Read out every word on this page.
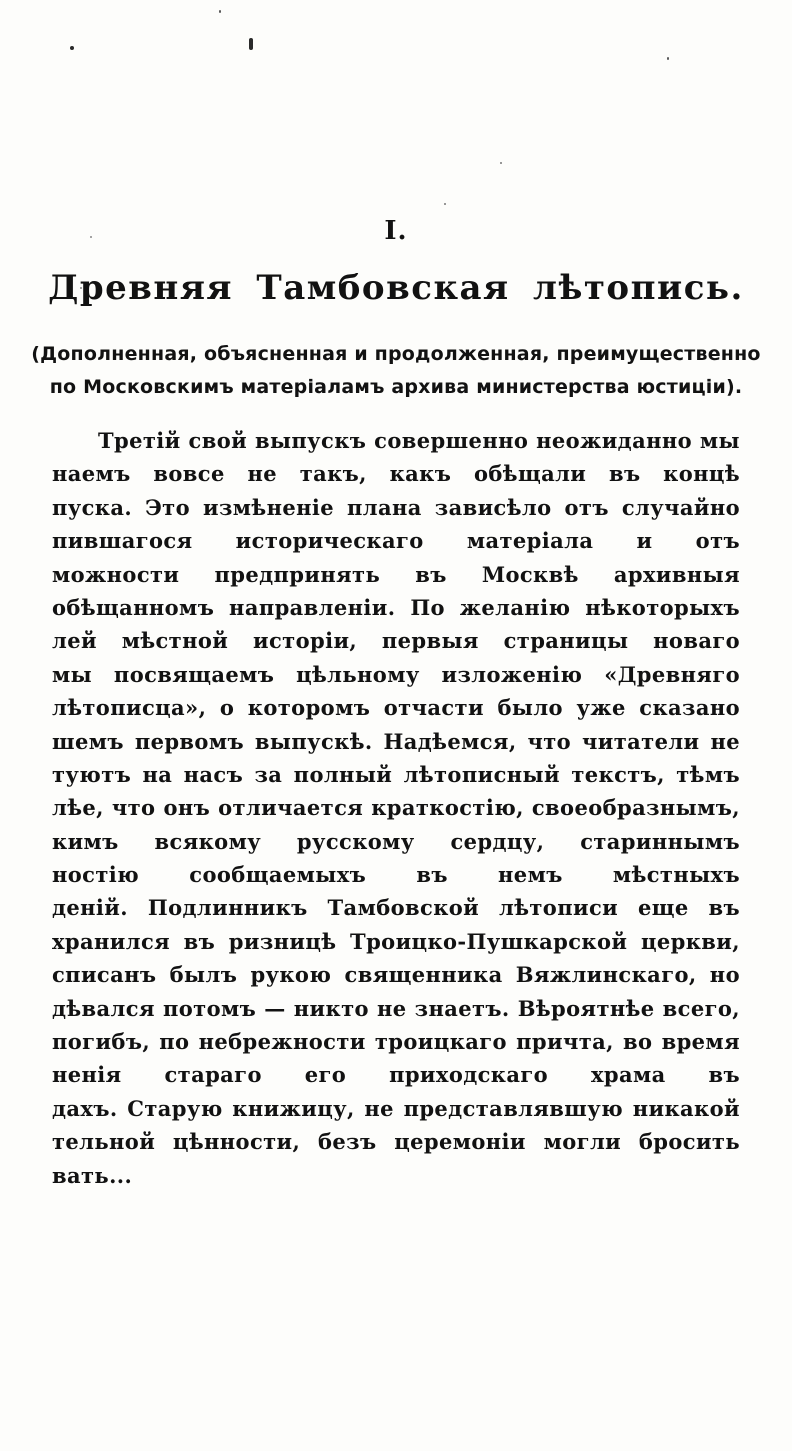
I.
Древняя Тамбовская лѣтопись.
(Дополненная, объясненная и продолженная, преимущественно
по Московскимъ матеріаламъ архива министерства юстиціи).
Третій свой выпускъ совершенно неожиданно мы
наемъ вовсе не такъ, какъ обѣщали въ концѣ
пуска. Это измѣненіе плана зависѣло отъ случайно
пившагося историческаго матеріала и отъ
можности предпринять въ Москвѣ архивныя
обѣщанномъ направленіи. По желанію нѣкоторыхъ
лей мѣстной исторіи, первыя страницы новаго
мы посвящаемъ цѣльному изложенію «Древняго
лѣтописца», о которомъ отчасти было уже сказано
шемъ первомъ выпускѣ. Надѣемся, что читатели не
туютъ на насъ за полный лѣтописный текстъ, тѣмъ
лѣе, что онъ отличается краткостію, своеобразнымъ,
кимъ всякому русскому сердцу, стариннымъ
ностію сообщаемыхъ въ немъ мѣстныхъ
деній. Подлинникъ Тамбовской лѣтописи еще въ
хранился въ ризницѣ Троицко-Пушкарской церкви,
списанъ былъ рукою священника Вяжлинскаго, но
дѣвался потомъ — никто не знаетъ. Вѣроятнѣе всего,
погибъ, по небрежности троицкаго причта, во время
ненія стараго его приходскаго храма въ
дахъ. Старую книжицу, не представлявшую никакой
тельной цѣнности, безъ церемоніи могли бросить
вать...
